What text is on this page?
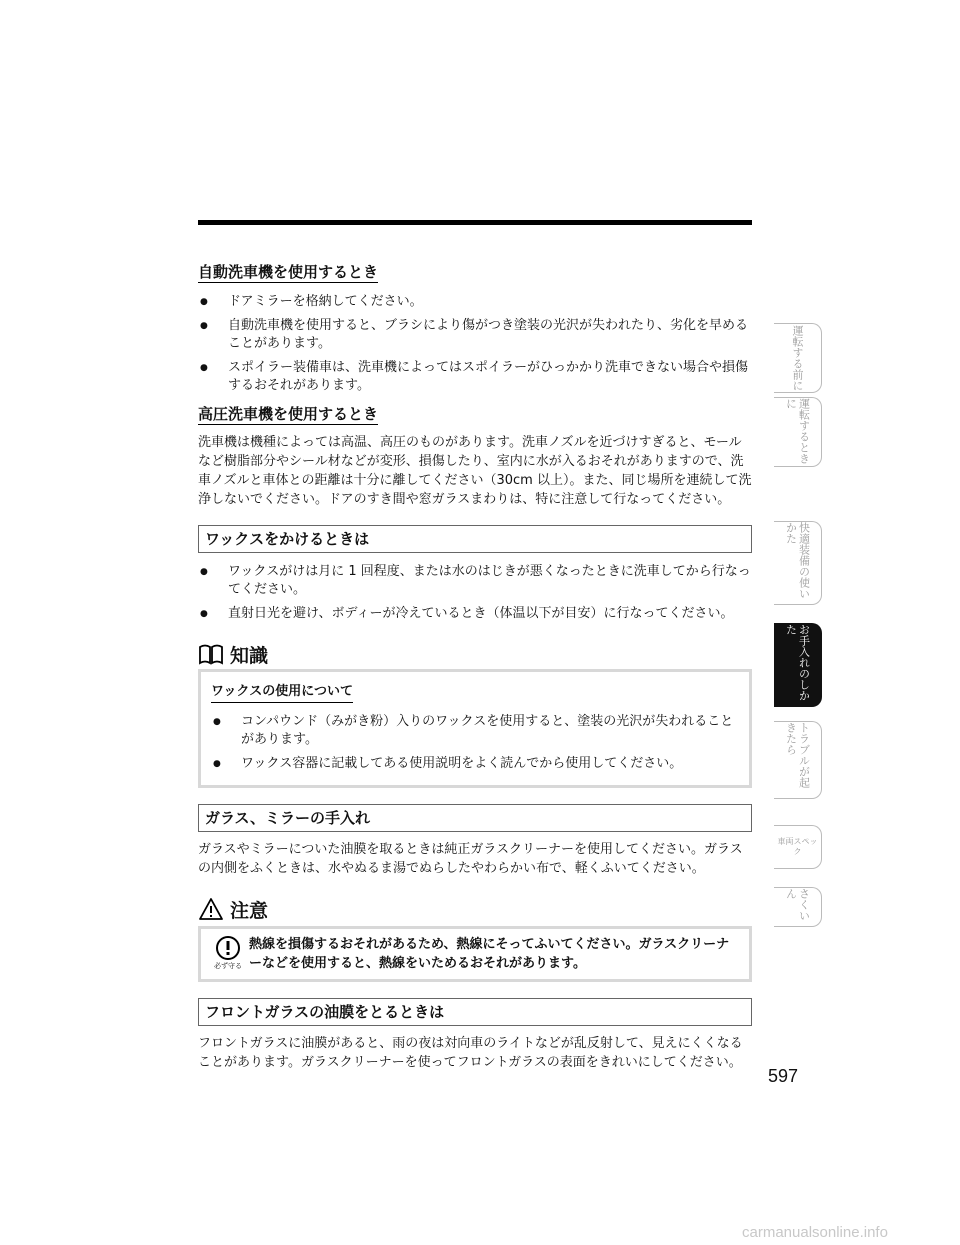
自動洗車機を使用するとき
● ドアミラーを格納してください。
● 自動洗車機を使用すると、ブラシにより傷がつき塗装の光沢が失われたり、劣化を早めることがあります。
● スポイラー装備車は、洗車機によってはスポイラーがひっかかり洗車できない場合や損傷するおそれがあります。
高圧洗車機を使用するとき

洗車機は機種によっては高温、高圧のものがあります。洗車ノズルを近づけすぎると、モールなど樹脂部分やシール材などが変形、損傷したり、室内に水が入るおそれがありますので、洗車ノズルと車体との距離は十分に離してください（30cm 以上）。また、同じ場所を連続して洗浄しないでください。ドアのすき間や窓ガラスまわりは、特に注意して行なってください。

ワックスをかけるときは
● ワックスがけは月に 1 回程度、または水のはじきが悪くなったときに洗車してから行なってください。
● 直射日光を避け、ボディーが冷えているとき（体温以下が目安）に行なってください。
知識
ワックスの使用について
● コンパウンド（みがき粉）入りのワックスを使用すると、塗装の光沢が失われることがあります。
● ワックス容器に記載してある使用説明をよく読んでから使用してください。
ガラス、ミラーの手入れ

ガラスやミラーについた油膜を取るときは純正ガラスクリーナーを使用してください。ガラスの内側をふくときは、水やぬるま湯でぬらしたやわらかい布で、軽くふいてください。

注意
必ず守る
熱線を損傷するおそれがあるため、熱線にそってふいてください。ガラスクリーナーなどを使用すると、熱線をいためるおそれがあります。
フロントガラスの油膜をとるときは

フロントガラスに油膜があると、雨の夜は対向車のライトなどが乱反射して、見えにくくなることがあります。ガラスクリーナーを使ってフロントガラスの表面をきれいにしてください。

運転する前に
運転するときに
快適装備の使いかた
お手入れのしかた
トラブルが起きたら
車両スペック
さくいん
597
carmanualsonline.info
